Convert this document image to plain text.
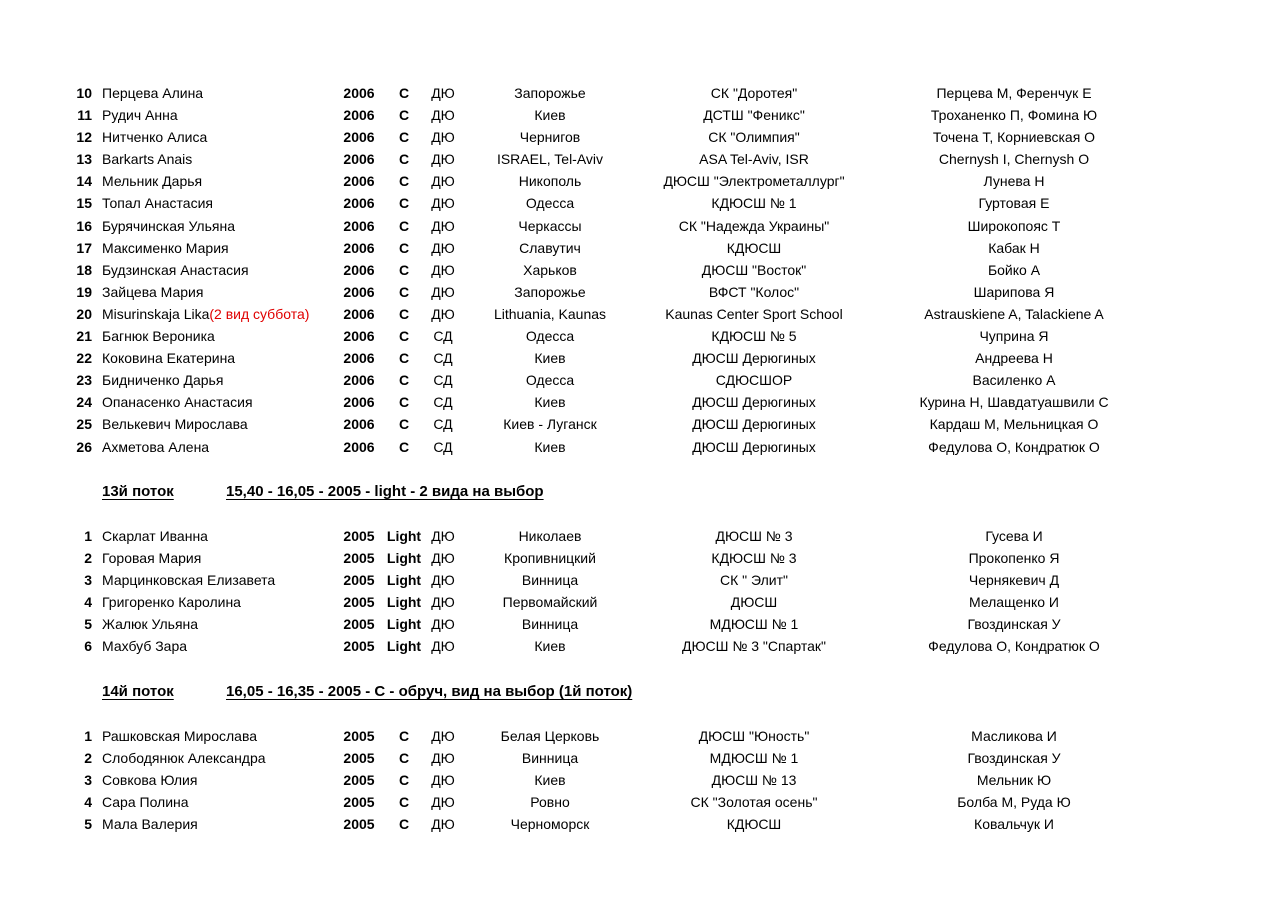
10 Перцева Алина	2006	С	ДЮ	Запорожье	СК "Доротея"	Перцева М, Ференчук Е
11 Рудич Анна	2006	С	ДЮ	Киев	ДСТШ "Феникс"	Троханенко П, Фомина Ю
12 Нитченко Алиса	2006	С	ДЮ	Чернигов	СК "Олимпия"	Точена Т, Корниевская О
13 Barkarts Anais	2006	С	ДЮ	ISRAEL, Tel-Aviv	ASA Tel-Aviv, ISR	Chernysh I, Chernysh O
14 Мельник Дарья	2006	С	ДЮ	Никополь	ДЮСШ "Электрометаллург"	Лунева Н
15 Топал Анастасия	2006	С	ДЮ	Одесса	КДЮСШ № 1	Гуртовая Е
16 Бурячинская Ульяна	2006	С	ДЮ	Черкассы	СК "Надежда Украины"	Широкопояс Т
17 Максименко Мария	2006	С	ДЮ	Славутич	КДЮСШ	Кабак Н
18 Будзинская Анастасия	2006	С	ДЮ	Харьков	ДЮСШ "Восток"	Бойко А
19 Зайцева Мария	2006	С	ДЮ	Запорожье	ВФСТ "Колос"	Шарипова Я
20 Misurinskaja Lika(2 вид суббота)	2006	С	ДЮ	Lithuania, Kaunas	Kaunas Center Sport School	Astrauskiene A, Talackiene A
21 Багнюк Вероника	2006	С	СД	Одесса	КДЮСШ № 5	Чуприна Я
22 Коковина Екатерина	2006	С	СД	Киев	ДЮСШ Дерюгиных	Андреева Н
23 Бидниченко Дарья	2006	С	СД	Одесса	СДЮСШОР	Василенко А
24 Опанасенко Анастасия	2006	С	СД	Киев	ДЮСШ Дерюгиных	Курина Н, Шавдатуашвили С
25 Велькевич Мирослава	2006	С	СД	Киев - Луганск	ДЮСШ Дерюгиных	Кардаш М, Мельницкая О
26 Ахметова Алена	2006	С	СД	Киев	ДЮСШ Дерюгиных	Федулова О, Кондратюк О
13й поток	15,40 - 16,05 - 2005 - light - 2 вида на выбор
1 Скарлат Иванна	2005 Light ДЮ	Николаев	ДЮСШ № 3	Гусева И
2 Горовая Мария	2005 Light ДЮ	Кропивницкий	КДЮСШ № 3	Прокопенко Я
3 Марцинковская Елизавета	2005 Light ДЮ	Винница	СК " Элит"	Чернякевич Д
4 Григоренко Каролина	2005 Light ДЮ	Первомайский	ДЮСШ	Мелащенко И
5 Жалюк Ульяна	2005 Light ДЮ	Винница	МДЮСШ № 1	Гвоздинская У
6 Махбуб Зара	2005 Light ДЮ	Киев	ДЮСШ № 3 "Спартак"	Федулова О, Кондратюк О
14й поток	16,05 - 16,35 - 2005 - С - обруч, вид на выбор (1й поток)
1 Рашковская Мирослава	2005	С	ДЮ	Белая Церковь	ДЮСШ "Юность"	Масликова И
2 Слободянюк Александра	2005	С	ДЮ	Винница	МДЮСШ № 1	Гвоздинская У
3 Совкова Юлия	2005	С	ДЮ	Киев	ДЮСШ № 13	Мельник Ю
4 Сара Полина	2005	С	ДЮ	Ровно	СК "Золотая осень"	Болба М, Руда Ю
5 Мала Валерия	2005	С	ДЮ	Черноморск	КДЮСШ	Ковальчук И
